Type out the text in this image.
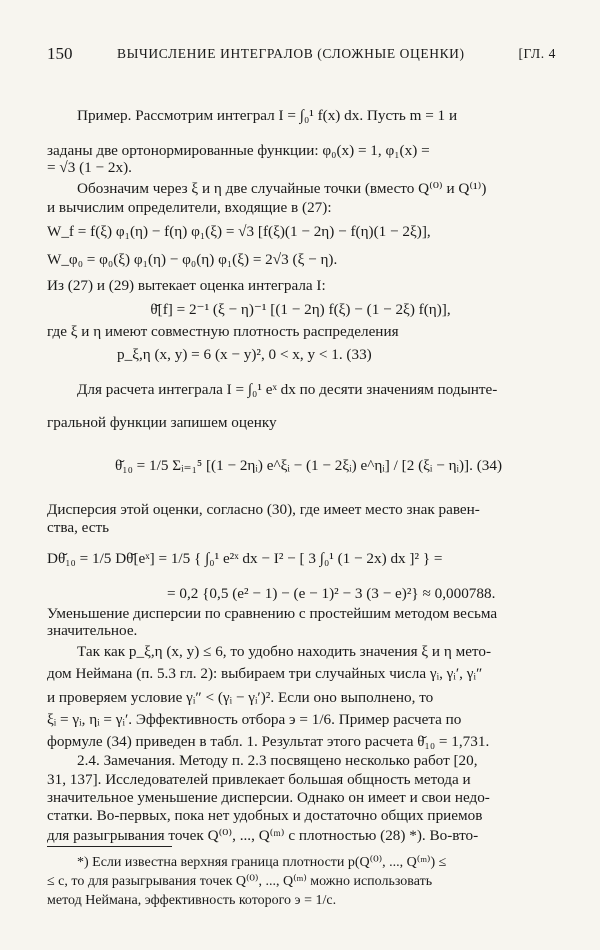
150	ВЫЧИСЛЕНИЕ ИНТЕГРАЛОВ (СЛОЖНЫЕ ОЦЕНКИ)	[ГЛ. 4
Пример. Рассмотрим интеграл I = ∫₀¹ f(x) dx. Пусть m = 1 и
заданы две ортонормированные функции: φ₀(x) = 1, φ₁(x) =
= √3 (1 − 2x).
Обозначим через ξ и η две случайные точки (вместо Q⁽⁰⁾ и Q⁽¹⁾)
и вычислим определители, входящие в (27):
W_f = f(ξ) φ₁(η) − f(η) φ₁(ξ) = √3 [f(ξ)(1 − 2η) − f(η)(1 − 2ξ)],
W_φ₀ = φ₀(ξ) φ₁(η) − φ₀(η) φ₁(ξ) = 2√3 (ξ − η).
Из (27) и (29) вытекает оценка интеграла I:
θ̆[f] = 2⁻¹ (ξ − η)⁻¹ [(1 − 2η) f(ξ) − (1 − 2ξ) f(η)],
где ξ и η имеют совместную плотность распределения
p_ξ,η (x, y) = 6 (x − y)², 0 < x, y < 1. (33)
Для расчета интеграла I = ∫₀¹ eˣ dx по десяти значениям подынте-
гральной функции запишем оценку
θ̆₁₀ = 1/5 Σᵢ₌₁⁵ [(1 − 2ηᵢ) e^ξᵢ − (1 − 2ξᵢ) e^ηᵢ] / [2 (ξᵢ − ηᵢ)]. (34)
Дисперсия этой оценки, согласно (30), где имеет место знак равен-
ства, есть
Dθ̆₁₀ = 1/5 Dθ̆[eˣ] = 1/5 { ∫₀¹ e²ˣ dx − I² − [ 3 ∫₀¹ (1 − 2x) dx ]² } =
= 0,2 {0,5 (e² − 1) − (e − 1)² − 3 (3 − e)²} ≈ 0,000788.
Уменьшение дисперсии по сравнению с простейшим методом весьма
значительное.
Так как p_ξ,η (x, y) ≤ 6, то удобно находить значения ξ и η мето-
дом Неймана (п. 5.3 гл. 2): выбираем три случайных числа γᵢ, γᵢ′, γᵢ″
и проверяем условие γᵢ″ < (γᵢ − γᵢ′)². Если оно выполнено, то
ξᵢ = γᵢ, ηᵢ = γᵢ′. Эффективность отбора э = 1/6. Пример расчета по
формуле (34) приведен в табл. 1. Результат этого расчета θ̆₁₀ = 1,731.
2.4. Замечания. Методу п. 2.3 посвящено несколько работ [20,
31, 137]. Исследователей привлекает большая общность метода и
значительное уменьшение дисперсии. Однако он имеет и свои недо-
статки. Во-первых, пока нет удобных и достаточно общих приемов
для разыгрывания точек Q⁽⁰⁾, ..., Q⁽ᵐ⁾ с плотностью (28) *). Во-вто-
*) Если известна верхняя граница плотности p(Q⁽⁰⁾, ..., Q⁽ᵐ⁾) ≤
≤ c, то для разыгрывания точек Q⁽⁰⁾, ..., Q⁽ᵐ⁾ можно использовать
метод Неймана, эффективность которого э = 1/c.
